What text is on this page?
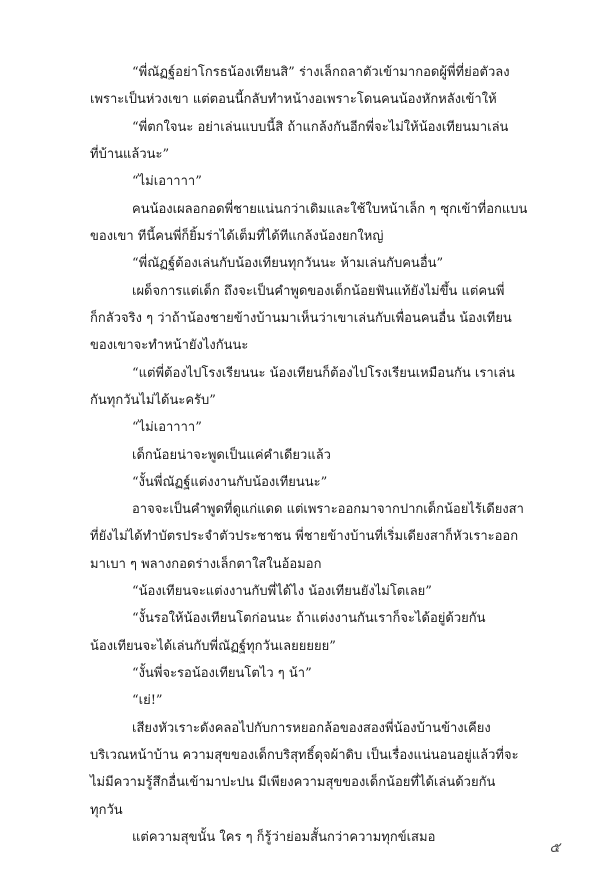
“พี่ณัฏฐ์อย่าโกรธน้องเทียนสิ” ร่างเล็กถลาตัวเข้ามากอดผู้พี่ที่ย่อตัวลง
เพราะเป็นห่วงเขา แต่ตอนนี้กลับทำหน้างอเพราะโดนคนน้องหักหลังเข้าให้
“พี่ตกใจนะ อย่าเล่นแบบนี้สิ ถ้าแกล้งกันอีกพี่จะไม่ให้น้องเทียนมาเล่น
ที่บ้านแล้วนะ”
“ไม่เอาาาา”
คนน้องเผลอกอดพี่ชายแน่นกว่าเดิมและใช้ใบหน้าเล็ก ๆ ซุกเข้าที่อกแบน
ของเขา ทีนี้คนพี่ก็ยิ้มร่าได้เต็มที่ได้ทีแกล้งน้องยกใหญ่
“พี่ณัฏฐ์ต้องเล่นกับน้องเทียนทุกวันนะ ห้ามเล่นกับคนอื่น”
เผด็จการแต่เด็ก ถึงจะเป็นคำพูดของเด็กน้อยฟันแท้ยังไม่ขึ้น แต่คนพี่
ก็กลัวจริง ๆ ว่าถ้าน้องชายข้างบ้านมาเห็นว่าเขาเล่นกับเพื่อนคนอื่น น้องเทียน
ของเขาจะทำหน้ายังไงกันนะ
“แต่พี่ต้องไปโรงเรียนนะ น้องเทียนก็ต้องไปโรงเรียนเหมือนกัน เราเล่น
กันทุกวันไม่ได้นะครับ”
“ไม่เอาาาา”
เด็กน้อยน่าจะพูดเป็นแค่คำเดียวแล้ว
“งั้นพี่ณัฏฐ์แต่งงานกับน้องเทียนนะ”
อาจจะเป็นคำพูดที่ดูแก่แดด แต่เพราะออกมาจากปากเด็กน้อยไร้เดียงสา
ที่ยังไม่ได้ทำบัตรประจำตัวประชาชน พี่ชายข้างบ้านที่เริ่มเดียงสาก็หัวเราะออก
มาเบา ๆ พลางกอดร่างเล็กตาใสในอ้อมอก
“น้องเทียนจะแต่งงานกับพี่ได้ไง น้องเทียนยังไม่โตเลย”
“งั้นรอให้น้องเทียนโตก่อนนะ ถ้าแต่งงานกันเราก็จะได้อยู่ด้วยกัน
น้องเทียนจะได้เล่นกับพี่ณัฏฐ์ทุกวันเลยยยยย”
“งั้นพี่จะรอน้องเทียนโตไว ๆ น้า”
“เย่!”
เสียงหัวเราะดังคลอไปกับการหยอกล้อของสองพี่น้องบ้านข้างเคียง
บริเวณหน้าบ้าน ความสุขของเด็กบริสุทธิ์ดุจผ้าดิบ เป็นเรื่องแน่นอนอยู่แล้วที่จะ
ไม่มีความรู้สึกอื่นเข้ามาปะปน มีเพียงความสุขของเด็กน้อยที่ได้เล่นด้วยกัน
ทุกวัน
แต่ความสุขนั้น ใคร ๆ ก็รู้ว่าย่อมสั้นกว่าความทุกข์เสมอ
๕
